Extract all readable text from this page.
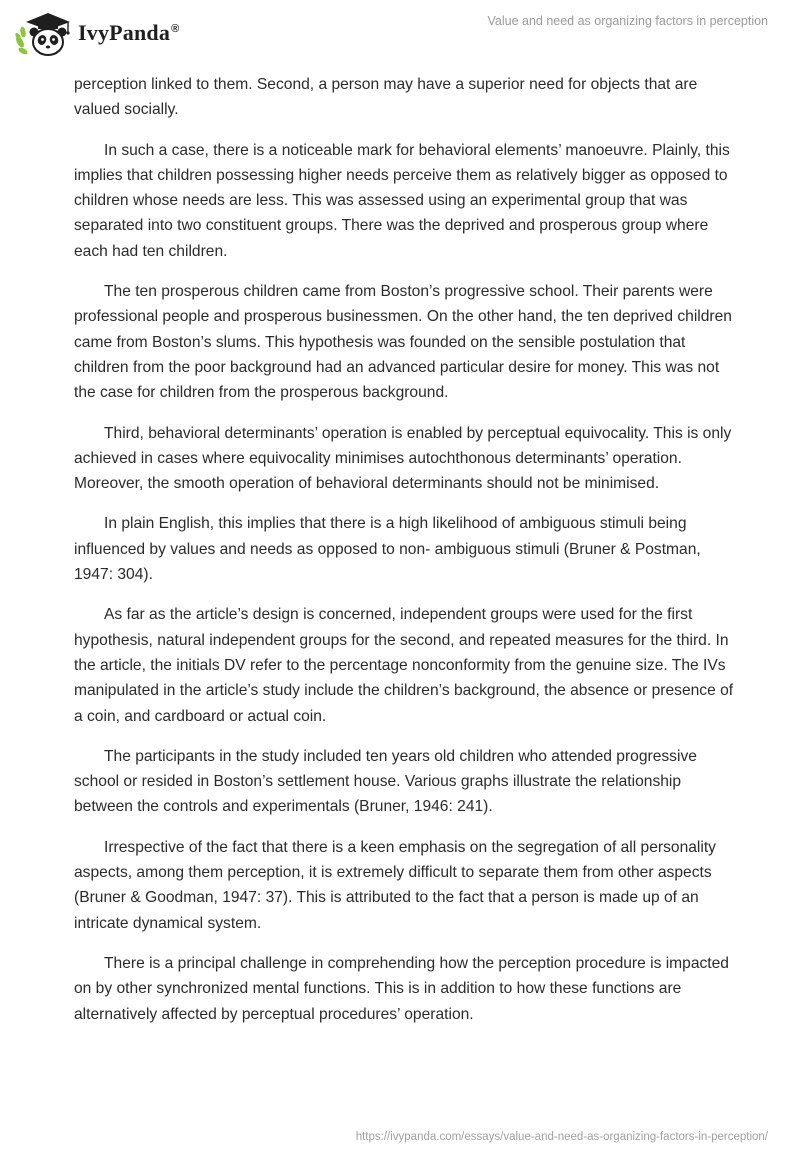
IvyPanda®
Value and need as organizing factors in perception

perception linked to them. Second, a person may have a superior need for objects that are valued socially.

In such a case, there is a noticeable mark for behavioral elements’ manoeuvre. Plainly, this implies that children possessing higher needs perceive them as relatively bigger as opposed to children whose needs are less. This was assessed using an experimental group that was separated into two constituent groups. There was the deprived and prosperous group where each had ten children.

The ten prosperous children came from Boston’s progressive school. Their parents were professional people and prosperous businessmen. On the other hand, the ten deprived children came from Boston’s slums. This hypothesis was founded on the sensible postulation that children from the poor background had an advanced particular desire for money. This was not the case for children from the prosperous background.

Third, behavioral determinants’ operation is enabled by perceptual equivocality. This is only achieved in cases where equivocality minimises autochthonous determinants’ operation. Moreover, the smooth operation of behavioral determinants should not be minimised.

In plain English, this implies that there is a high likelihood of ambiguous stimuli being influenced by values and needs as opposed to non- ambiguous stimuli (Bruner & Postman, 1947: 304).

As far as the article’s design is concerned, independent groups were used for the first hypothesis, natural independent groups for the second, and repeated measures for the third. In the article, the initials DV refer to the percentage nonconformity from the genuine size. The IVs manipulated in the article’s study include the children’s background, the absence or presence of a coin, and cardboard or actual coin.

The participants in the study included ten years old children who attended progressive school or resided in Boston’s settlement house. Various graphs illustrate the relationship between the controls and experimentals (Bruner, 1946: 241).

Irrespective of the fact that there is a keen emphasis on the segregation of all personality aspects, among them perception, it is extremely difficult to separate them from other aspects (Bruner & Goodman, 1947: 37). This is attributed to the fact that a person is made up of an intricate dynamical system.

There is a principal challenge in comprehending how the perception procedure is impacted on by other synchronized mental functions. This is in addition to how these functions are alternatively affected by perceptual procedures’ operation.

https://ivypanda.com/essays/value-and-need-as-organizing-factors-in-perception/
